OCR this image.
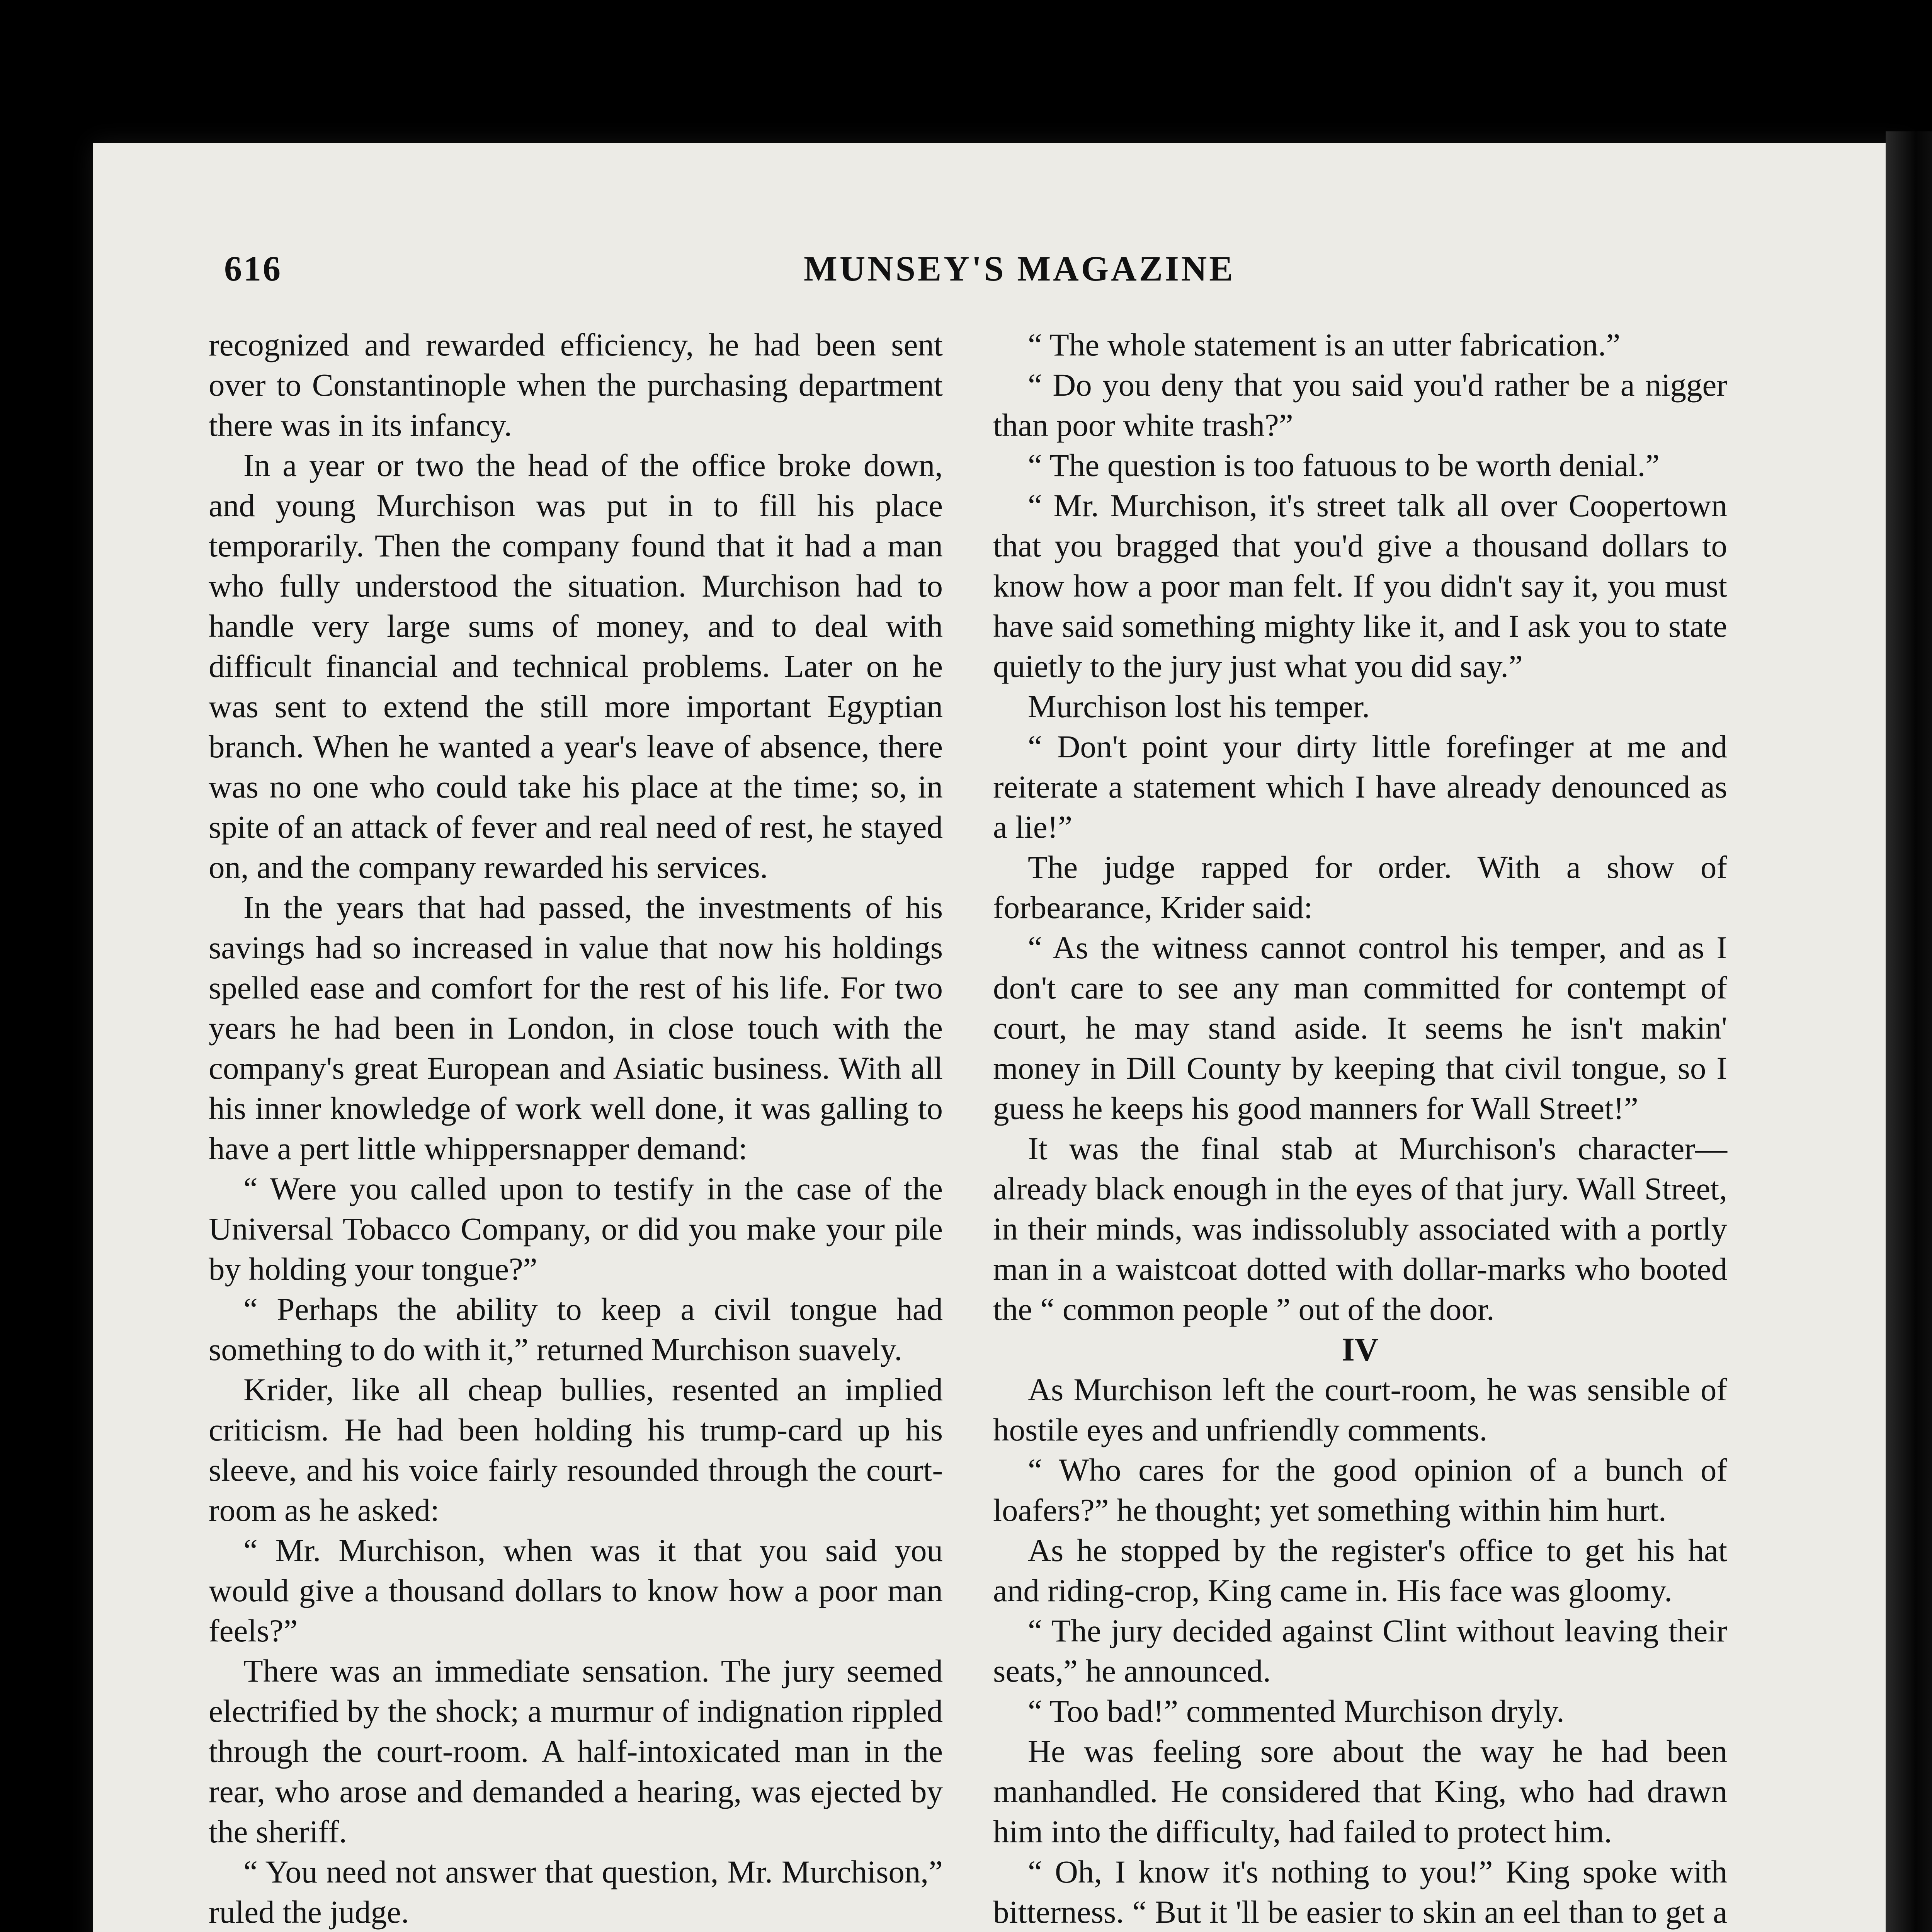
616	MUNSEY'S MAGAZINE

recognized and rewarded efficiency, he had been sent over to Constantinople when the purchasing department there was in its infancy.

In a year or two the head of the office broke down, and young Murchison was put in to fill his place temporarily. Then the company found that it had a man who fully understood the situation. Murchison had to handle very large sums of money, and to deal with difficult financial and technical problems. Later on he was sent to extend the still more important Egyptian branch. When he wanted a year's leave of absence, there was no one who could take his place at the time; so, in spite of an attack of fever and real need of rest, he stayed on, and the company rewarded his services.

In the years that had passed, the investments of his savings had so increased in value that now his holdings spelled ease and comfort for the rest of his life. For two years he had been in London, in close touch with the company's great European and Asiatic business. With all his inner knowledge of work well done, it was galling to have a pert little whippersnapper demand:

“ Were you called upon to testify in the case of the Universal Tobacco Company, or did you make your pile by holding your tongue?”

“ Perhaps the ability to keep a civil tongue had something to do with it,” returned Murchison suavely.

Krider, like all cheap bullies, resented an implied criticism. He had been holding his trump-card up his sleeve, and his voice fairly resounded through the court-room as he asked:

“ Mr. Murchison, when was it that you said you would give a thousand dollars to know how a poor man feels?”

There was an immediate sensation. The jury seemed electrified by the shock; a murmur of indignation rippled through the court-room. A half-intoxicated man in the rear, who arose and demanded a hearing, was ejected by the sheriff.

“ You need not answer that question, Mr. Murchison,” ruled the judge.

“ The whole statement is an utter fabrication.”

“ Do you deny that you said you'd rather be a nigger than poor white trash?”

“ The question is too fatuous to be worth denial.”

“ Mr. Murchison, it's street talk all over Coopertown that you bragged that you'd give a thousand dollars to know how a poor man felt. If you didn't say it, you must have said something mighty like it, and I ask you to state quietly to the jury just what you did say.”

Murchison lost his temper.

“ Don't point your dirty little forefinger at me and reiterate a statement which I have already denounced as a lie!”

The judge rapped for order. With a show of forbearance, Krider said:

“ As the witness cannot control his temper, and as I don't care to see any man committed for contempt of court, he may stand aside. It seems he isn't makin' money in Dill County by keeping that civil tongue, so I guess he keeps his good manners for Wall Street!”

It was the final stab at Murchison's character—already black enough in the eyes of that jury. Wall Street, in their minds, was indissolubly associated with a portly man in a waistcoat dotted with dollar-marks who booted the “ common people ” out of the door.

IV

As Murchison left the court-room, he was sensible of hostile eyes and unfriendly comments.

“ Who cares for the good opinion of a bunch of loafers?” he thought; yet something within him hurt.

As he stopped by the register's office to get his hat and riding-crop, King came in. His face was gloomy.

“ The jury decided against Clint without leaving their seats,” he announced.

“ Too bad!” commented Murchison dryly.

He was feeling sore about the way he had been manhandled. He considered that King, who had drawn him into the difficulty, had failed to protect him.

“ Oh, I know it's nothing to you!” King spoke with bitterness. “ But it 'll be easier to skin an eel than to get a
